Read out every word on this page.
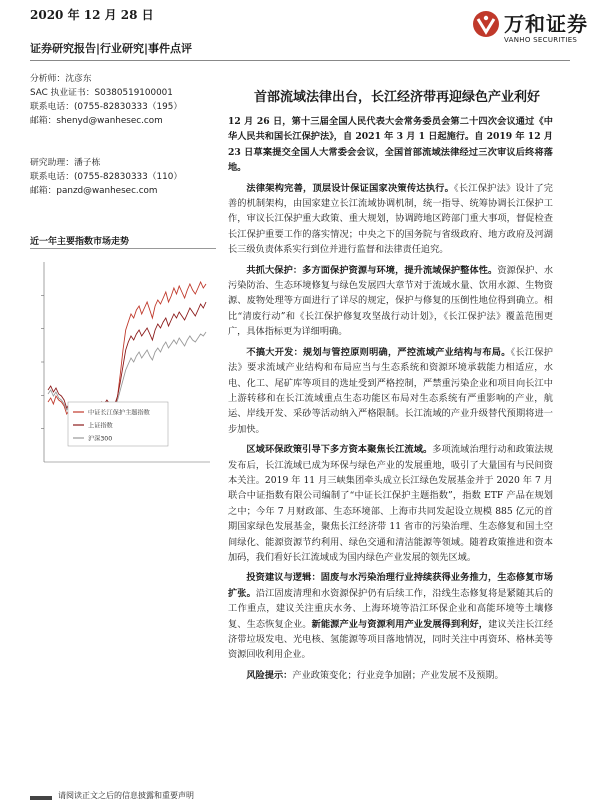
2020 年 12 月 28 日
证券研究报告|行业研究|事件点评
万和证券
VANHO SECURITIES
分析师：沈彦东
SAC 执业证书：S0380519100001
联系电话：(0755-82830333（195）
邮箱：shenyd@wanhesec.com
研究助理：潘子栋
联系电话：(0755-82830333（110）
邮箱：panzd@wanhesec.com
近一年主要指数市场走势
中证长江保护主题指数
上证指数
沪深300
首部流域法律出台，长江经济带再迎绿色产业利好

12 月 26 日，第十三届全国人民代表大会常务委员会第二十四次会议通过《中华人民共和国长江保护法》，自 2021 年 3 月 1 日起施行。自 2019 年 12 月 23 日草案提交全国人大常委会会议，全国首部流域法律经过三次审议后终将落地。

法律架构完善，顶层设计保证国家决策传达执行。《长江保护法》设计了完善的机制架构，由国家建立长江流域协调机制，统一指导、统筹协调长江保护工作，审议长江保护重大政策、重大规划，协调跨地区跨部门重大事项，督促检查长江保护重要工作的落实情况；中央之下的国务院与省级政府、地方政府及河湖长三级负责体系实行到位并进行监督和法律责任追究。

共抓大保护：多方面保护资源与环境，提升流域保护整体性。资源保护、水污染防治、生态环境修复与绿色发展四大章节对于流域水量、饮用水源、生物资源、废物处理等方面进行了详尽的规定，保护与修复的压倒性地位得到确立。相比“清废行动”和《长江保护修复攻坚战行动计划》，《长江保护法》覆盖范围更广，具体指标更为详细明确。

不搞大开发：规划与管控原则明确，严控流域产业结构与布局。《长江保护法》要求流域产业结构和布局应当与生态系统和资源环境承载能力相适应，水电、化工、尾矿库等项目的选址受到严格控制，严禁重污染企业和项目向长江中上游转移和在长江流域重点生态功能区布局对生态系统有严重影响的产业，航运、岸线开发、采砂等活动纳入严格限制。长江流域的产业升级替代预期将进一步加快。

区域环保政策引导下多方资本聚焦长江流域。多项流域治理行动和政策法规发布后，长江流域已成为环保与绿色产业的发展重地，吸引了大量国有与民间资本关注。2019 年 11 月三峡集团牵头成立长江绿色发展基金并于 2020 年 7 月联合中证指数有限公司编制了“中证长江保护主题指数”，指数 ETF 产品在规划之中；今年 7 月财政部、生态环境部、上海市共同发起设立规模 885 亿元的首期国家绿色发展基金，聚焦长江经济带 11 省市的污染治理、生态修复和国土空间绿化、能源资源节约利用、绿色交通和清洁能源等领域。随着政策推进和资本加码，我们看好长江流域成为国内绿色产业发展的领先区域。

投资建议与逻辑：固废与水污染治理行业持续获得业务推力，生态修复市场扩张。沿江固废清理和水资源保护仍有后续工作，沿线生态修复将是紧随其后的工作重点，建议关注重庆水务、上海环境等沿江环保企业和高能环境等土壤修复、生态恢复企业。新能源产业与资源利用产业发展得到利好，建议关注长江经济带垃圾发电、光电核、氢能源等项目落地情况，同时关注中再资环、格林美等资源回收利用企业。

风险提示：产业政策变化；行业竞争加剧；产业发展不及预期。

请阅读正文之后的信息披露和重要声明
